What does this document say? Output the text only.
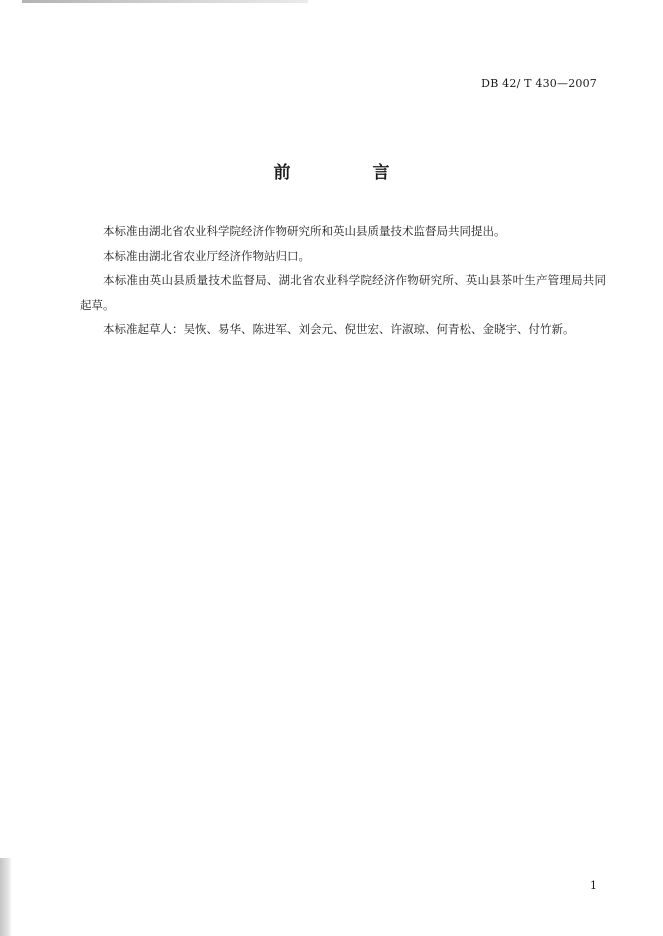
DB 42/ T 430—2007
前 言

本标准由湖北省农业科学院经济作物研究所和英山县质量技术监督局共同提出。

本标准由湖北省农业厅经济作物站归口。

本标准由英山县质量技术监督局、湖北省农业科学院经济作物研究所、英山县茶叶生产管理局共同起草。

本标准起草人：吴恢、易华、陈进军、刘会元、倪世宏、许淑琼、何青松、金晓宇、付竹新。

1
